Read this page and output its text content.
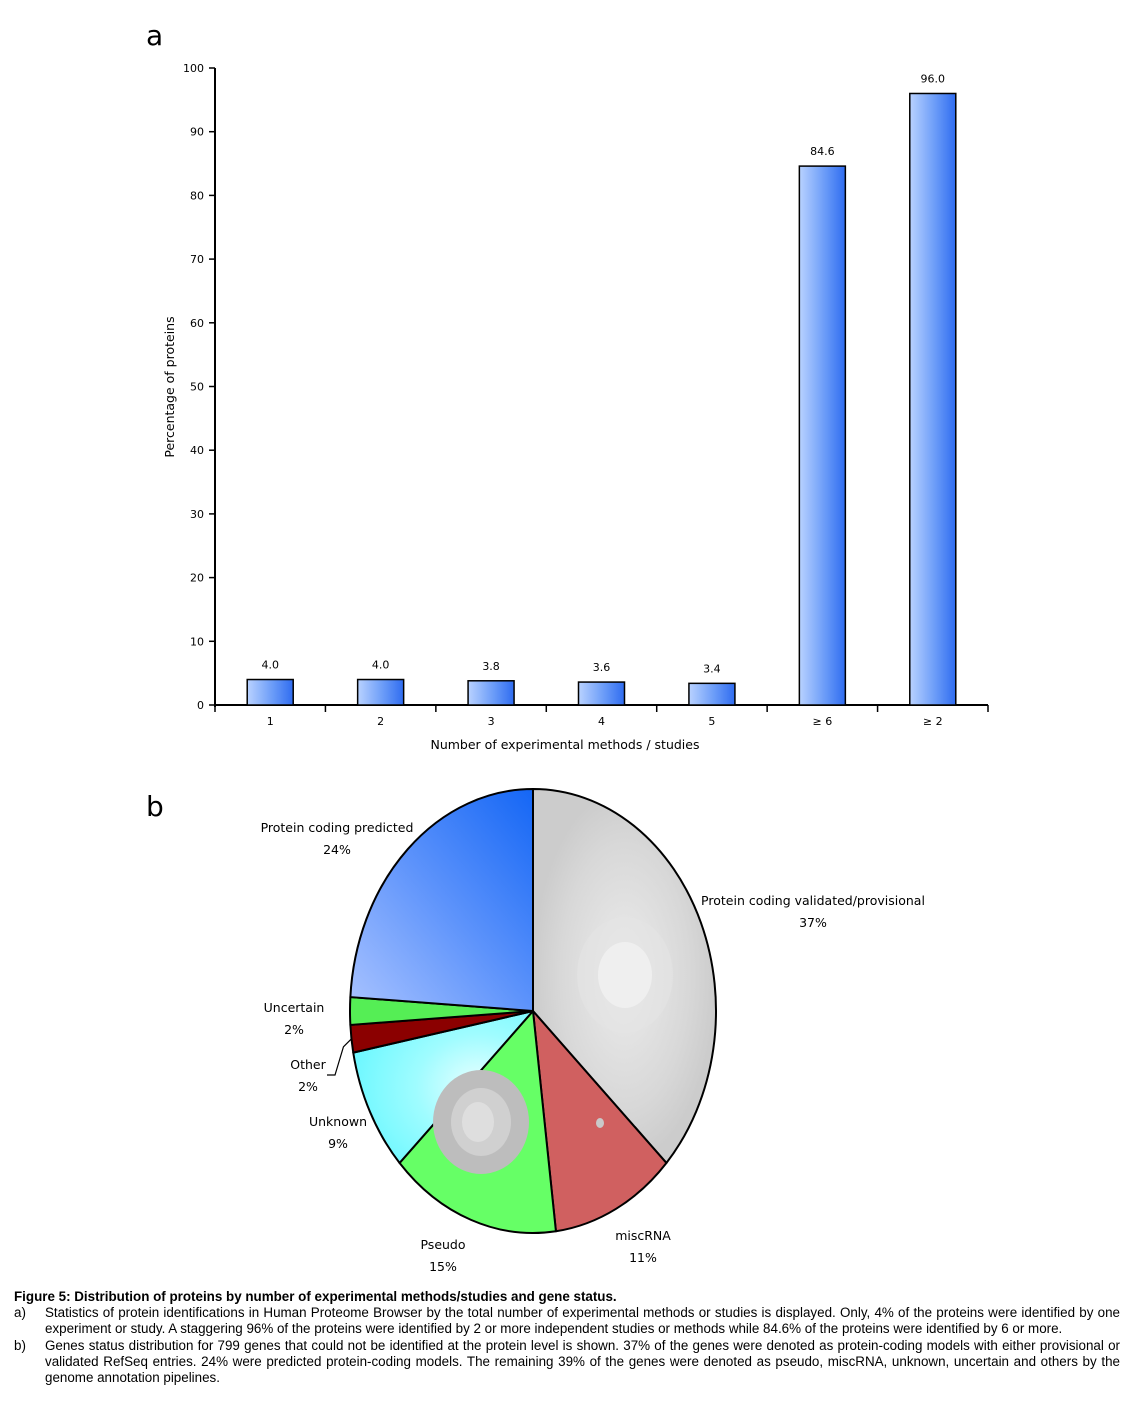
a
b
0
10
20
30
40
50
60
70
80
90
100
4.0
1
4.0
2
3.8
3
3.6
4
3.4
5
84.6
≥ 6
96.0
≥ 2
Number of experimental methods / studies
Percentage of proteins
Protein coding validated/provisional
37%
miscRNA
11%
Pseudo
15%
Unknown
9%
Other
2%
Uncertain
2%
Protein coding predicted
24%
Figure 5: Distribution of proteins by number of experimental methods/studies and gene status.
a)	Statistics of protein identifications in Human Proteome Browser by the total number of experimental methods or studies is displayed. Only, 4% of the proteins were identified by one experiment or study. A staggering 96% of the proteins were identified by 2 or more independent studies or methods while 84.6% of the proteins were identified by 6 or more.
b)	Genes status distribution for 799 genes that could not be identified at the protein level is shown. 37% of the genes were denoted as protein-coding models with either provisional or validated RefSeq entries. 24% were predicted protein-coding models. The remaining 39% of the genes were denoted as pseudo, miscRNA, unknown, uncertain and others by the genome annotation pipelines.
